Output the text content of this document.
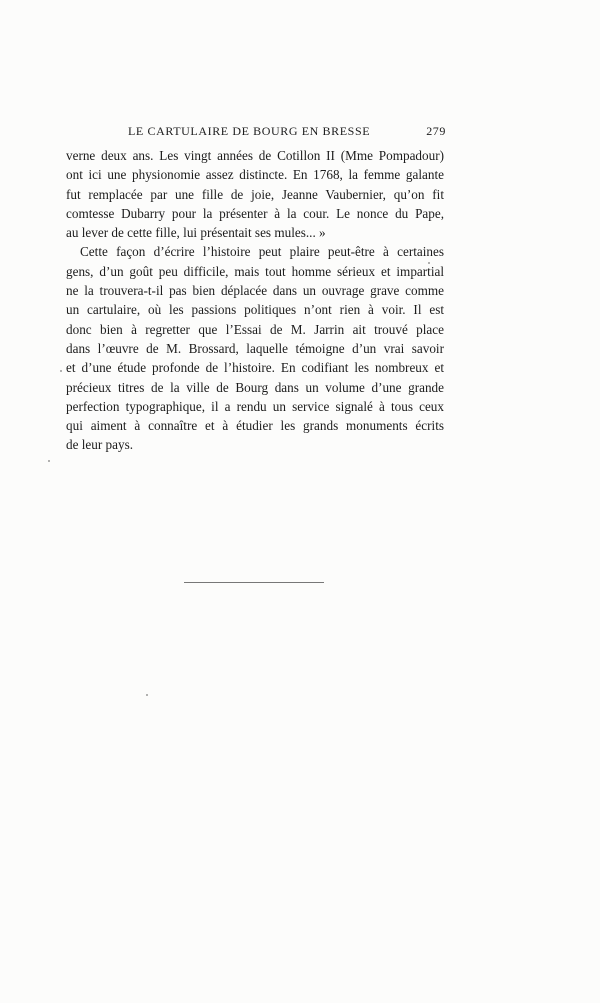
LE CARTULAIRE DE BOURG EN BRESSE	279
verne deux ans. Les vingt années de Cotillon II (Mme Pompadour)
ont ici une physionomie assez distincte. En 1768, la femme galante
fut remplacée par une fille de joie, Jeanne Vaubernier, qu’on fit
comtesse Dubarry pour la présenter à la cour. Le nonce du Pape,
au lever de cette fille, lui présentait ses mules... »
Cette façon d’écrire l’histoire peut plaire peut-être à certaines
gens, d’un goût peu difficile, mais tout homme sérieux et impartial
ne la trouvera-t-il pas bien déplacée dans un ouvrage grave comme
un cartulaire, où les passions politiques n’ont rien à voir. Il est
donc bien à regretter que l’Essai de M. Jarrin ait trouvé place
dans l’œuvre de M. Brossard, laquelle témoigne d’un vrai savoir
et d’une étude profonde de l’histoire. En codifiant les nombreux et
précieux titres de la ville de Bourg dans un volume d’une grande
perfection typographique, il a rendu un service signalé à tous ceux
qui aiment à connaître et à étudier les grands monuments écrits
de leur pays.
